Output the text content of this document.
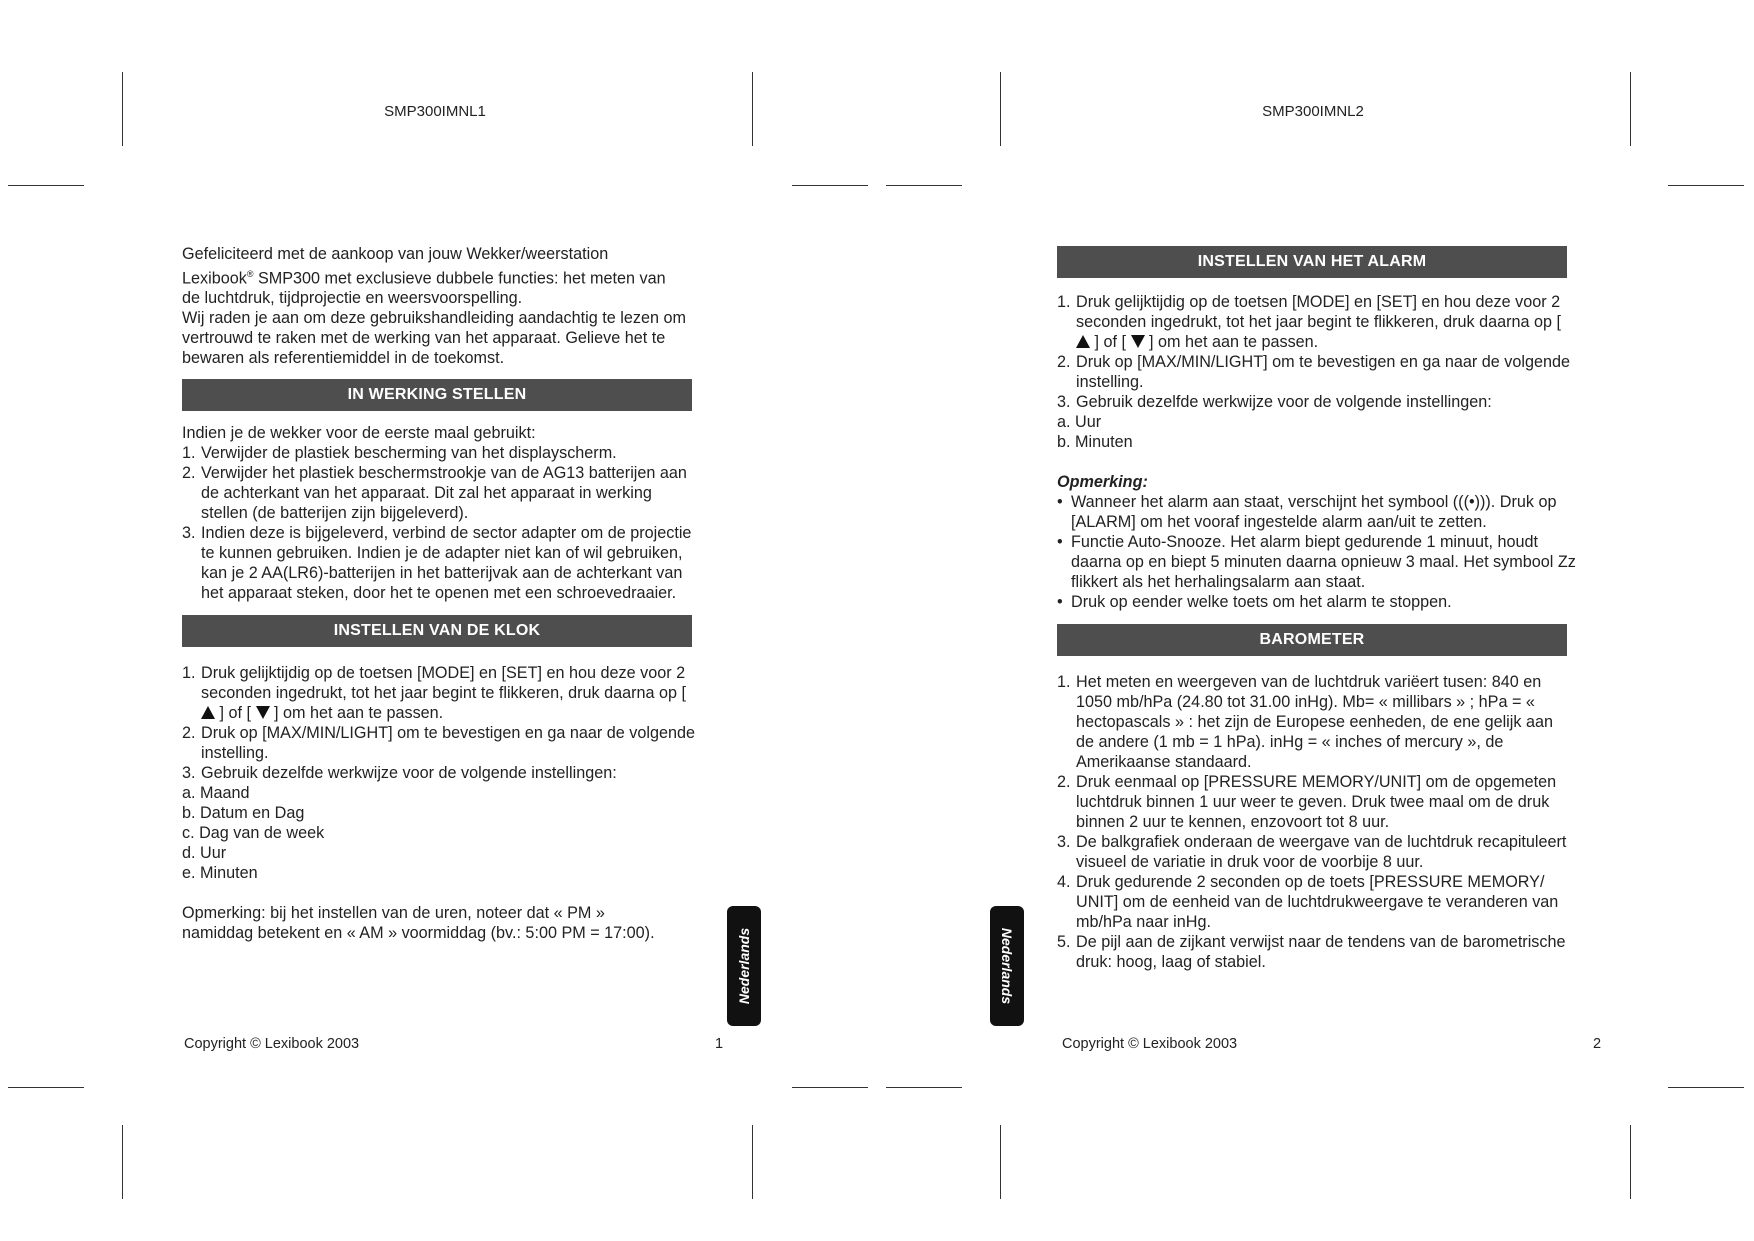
SMP300IMNL1	SMP300IMNL2

Gefeliciteerd met de aankoop van jouw Wekker/weerstation
Lexibook® SMP300 met exclusieve dubbele functies: het meten van
de luchtdruk, tijdprojectie en weersvoorspelling.

Wij raden je aan om deze gebruikshandleiding aandachtig te lezen om vertrouwd te raken met de werking van het apparaat. Gelieve het te bewaren als referentiemiddel in de toekomst.

IN WERKING STELLEN

Indien je de wekker voor de eerste maal gebruikt:

1. Verwijder de plastiek bescherming van het displayscherm.
2. Verwijder het plastiek beschermstrookje van de AG13 batterijen aan de achterkant van het apparaat. Dit zal het apparaat in werking stellen (de batterijen zijn bijgeleverd).
3. Indien deze is bijgeleverd, verbind de sector adapter om de projectie te kunnen gebruiken. Indien je de adapter niet kan of wil gebruiken, kan je 2 AA(LR6)-batterijen in het batterijvak aan de achterkant van het apparaat steken, door het te openen met een schroevedraaier.
INSTELLEN VAN DE KLOK
1. Druk gelijktijdig op de toetsen [MODE] en [SET] en hou deze voor 2 seconden ingedrukt, tot het jaar begint te flikkeren, druk daarna op [  ] of [ ] om het aan te passen.
2. Druk op [MAX/MIN/LIGHT] om te bevestigen en ga naar de volgende instelling.
3. Gebruik dezelfde werkwijze voor de volgende instellingen:
a. Maand
b. Datum en Dag
c. Dag van de week
d. Uur
e. Minuten

Opmerking: bij het instellen van de uren, noteer dat « PM »
namiddag betekent en « AM » voormiddag (bv.: 5:00 PM = 17:00).	Nederlands	Nederlands
INSTELLEN VAN HET ALARM
1. Druk gelijktijdig op de toetsen [MODE] en [SET] en hou deze voor 2 seconden ingedrukt, tot het jaar begint te flikkeren, druk daarna op [  ] of [ ] om het aan te passen.
2. Druk op [MAX/MIN/LIGHT] om te bevestigen en ga naar de volgende instelling.
3. Gebruik dezelfde werkwijze voor de volgende instellingen:
a. Uur
b. Minuten

Opmerking:

• Wanneer het alarm aan staat, verschijnt het symbool (((•))). Druk op [ALARM] om het vooraf ingestelde alarm aan/uit te zetten.
• Functie Auto-Snooze. Het alarm biept gedurende 1 minuut, houdt daarna op en biept 5 minuten daarna opnieuw 3 maal. Het symbool Zz flikkert als het herhalingsalarm aan staat.
• Druk op eender welke toets om het alarm te stoppen.
BAROMETER
1. Het meten en weergeven van de luchtdruk variëert tusen: 840 en 1050 mb/hPa (24.80 tot 31.00 inHg). Mb= « millibars » ; hPa = « hectopascals » : het zijn de Europese eenheden, de ene gelijk aan de andere (1 mb = 1 hPa). inHg = « inches of mercury », de Amerikaanse standaard.
2. Druk eenmaal op [PRESSURE MEMORY/UNIT] om de opgemeten luchtdruk binnen 1 uur weer te geven. Druk twee maal om de druk binnen 2 uur te kennen, enzovoort tot 8 uur.
3. De balkgrafiek onderaan de weergave van de luchtdruk recapituleert visueel de variatie in druk voor de voorbije 8 uur.
4. Druk gedurende 2 seconden op de toets [PRESSURE MEMORY/ UNIT] om de eenheid van de luchtdrukweergave te veranderen van mb/hPa naar inHg.
5. De pijl aan de zijkant verwijst naar de tendens van de barometrische druk: hoog, laag of stabiel.
Copyright © Lexibook 2003	1	Copyright © Lexibook 2003	2
